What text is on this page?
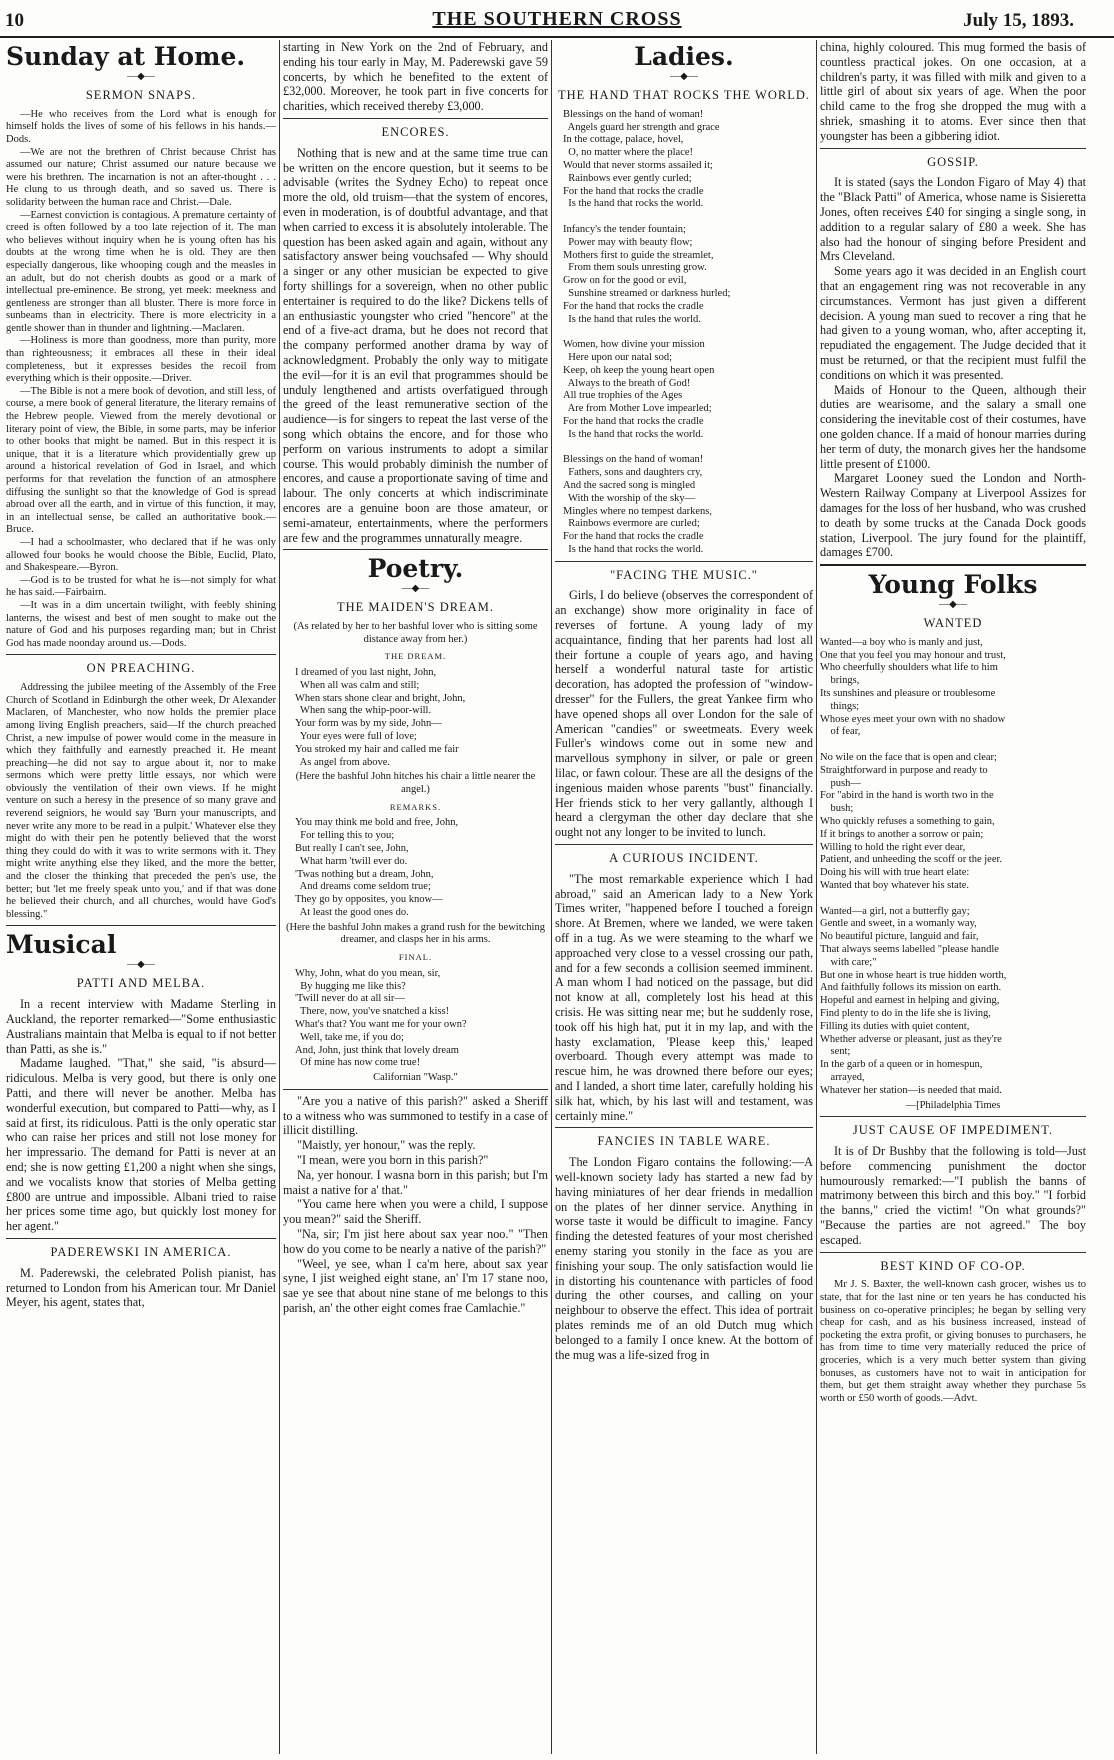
10	THE SOUTHERN CROSS	July 15, 1893.
Sunday at Home.
—◆—
SERMON SNAPS.

—He who receives from the Lord what is enough for himself holds the lives of some of his fellows in his hands.—Dods.

—We are not the brethren of Christ because Christ has assumed our nature; Christ assumed our nature because we were his brethren. The incarnation is not an after-thought . . . He clung to us through death, and so saved us. There is solidarity between the human race and Christ.—Dale.

—Earnest conviction is contagious. A premature certainty of creed is often followed by a too late rejection of it. The man who believes without inquiry when he is young often has his doubts at the wrong time when he is old. They are then especially dangerous, like whooping cough and the measles in an adult, but do not cherish doubts as good or a mark of intellectual pre-eminence. Be strong, yet meek: meekness and gentleness are stronger than all bluster. There is more force in sunbeams than in electricity. There is more electricity in a gentle shower than in thunder and lightning.—Maclaren.

—Holiness is more than goodness, more than purity, more than righteousness; it embraces all these in their ideal completeness, but it expresses besides the recoil from everything which is their opposite.—Driver.

—The Bible is not a mere book of devotion, and still less, of course, a mere book of general literature, the literary remains of the Hebrew people. Viewed from the merely devotional or literary point of view, the Bible, in some parts, may be inferior to other books that might be named. But in this respect it is unique, that it is a literature which providentially grew up around a historical revelation of God in Israel, and which performs for that revelation the function of an atmosphere diffusing the sunlight so that the knowledge of God is spread abroad over all the earth, and in virtue of this function, it may, in an intellectual sense, be called an authoritative book.—Bruce.

—I had a schoolmaster, who declared that if he was only allowed four books he would choose the Bible, Euclid, Plato, and Shakespeare.—Byron.

—God is to be trusted for what he is—not simply for what he has said.—Fairbairn.

—It was in a dim uncertain twilight, with feebly shining lanterns, the wisest and best of men sought to make out the nature of God and his purposes regarding man; but in Christ God has made noonday around us.—Dods.

ON PREACHING.

Addressing the jubilee meeting of the Assembly of the Free Church of Scotland in Edinburgh the other week, Dr Alexander Maclaren, of Manchester, who now holds the premier place among living English preachers, said—If the church preached Christ, a new impulse of power would come in the measure in which they faithfully and earnestly preached it. He meant preaching—he did not say to argue about it, nor to make sermons which were pretty little essays, nor which were obviously the ventilation of their own views. If he might venture on such a heresy in the presence of so many grave and reverend seigniors, he would say 'Burn your manuscripts, and never write any more to be read in a pulpit.' Whatever else they might do with their pen he potently believed that the worst thing they could do with it was to write sermons with it. They might write anything else they liked, and the more the better, and the closer the thinking that preceded the pen's use, the better; but 'let me freely speak unto you,' and if that was done he believed their church, and all churches, would have God's blessing."

Musical
—◆—
PATTI AND MELBA.

In a recent interview with Madame Sterling in Auckland, the reporter remarked—"Some enthusiastic Australians maintain that Melba is equal to if not better than Patti, as she is."

Madame laughed. "That," she said, "is absurd—ridiculous. Melba is very good, but there is only one Patti, and there will never be another. Melba has wonderful execution, but compared to Patti—why, as I said at first, its ridiculous. Patti is the only operatic star who can raise her prices and still not lose money for her impressario. The demand for Patti is never at an end; she is now getting £1,200 a night when she sings, and we vocalists know that stories of Melba getting £800 are untrue and impossible. Albani tried to raise her prices some time ago, but quickly lost money for her agent."

PADEREWSKI IN AMERICA.

M. Paderewski, the celebrated Polish pianist, has returned to London from his American tour. Mr Daniel Meyer, his agent, states that,

starting in New York on the 2nd of February, and ending his tour early in May, M. Paderewski gave 59 concerts, by which he benefited to the extent of £32,000. Moreover, he took part in five concerts for charities, which received thereby £3,000.

ENCORES.

Nothing that is new and at the same time true can be written on the encore question, but it seems to be advisable (writes the Sydney Echo) to repeat once more the old, old truism—that the system of encores, even in moderation, is of doubtful advantage, and that when carried to excess it is absolutely intolerable. The question has been asked again and again, without any satisfactory answer being vouchsafed — Why should a singer or any other musician be expected to give forty shillings for a sovereign, when no other public entertainer is required to do the like? Dickens tells of an enthusiastic youngster who cried "hencore" at the end of a five-act drama, but he does not record that the company performed another drama by way of acknowledgment. Probably the only way to mitigate the evil—for it is an evil that programmes should be unduly lengthened and artists overfatigued through the greed of the least remunerative section of the audience—is for singers to repeat the last verse of the song which obtains the encore, and for those who perform on various instruments to adopt a similar course. This would probably diminish the number of encores, and cause a proportionate saving of time and labour. The only concerts at which indiscriminate encores are a genuine boon are those amateur, or semi-amateur, entertainments, where the performers are few and the programmes unnaturally meagre.

Poetry.
—◆—
THE MAIDEN'S DREAM.
(As related by her to her bashful lover who is sitting some distance away from her.)
THE DREAM.
I dreamed of you last night, John,
When all was calm and still;
When stars shone clear and bright, John,
When sang the whip-poor-will.
Your form was by my side, John—
Your eyes were full of love;
You stroked my hair and called me fair
As angel from above.
(Here the bashful John hitches his chair a little nearer the angel.)
REMARKS.
You may think me bold and free, John,
For telling this to you;
But really I can't see, John,
What harm 'twill ever do.
'Twas nothing but a dream, John,
And dreams come seldom true;
They go by opposites, you know—
At least the good ones do.
(Here the bashful John makes a grand rush for the bewitching dreamer, and clasps her in his arms.
FINAL.
Why, John, what do you mean, sir,
By hugging me like this?
'Twill never do at all sir—
There, now, you've snatched a kiss!
What's that? You want me for your own?
Well, take me, if you do;
And, John, just think that lovely dream
Of mine has now come true!
Californian "Wasp."

"Are you a native of this parish?" asked a Sheriff to a witness who was summoned to testify in a case of illicit distilling.

"Maistly, yer honour," was the reply.

"I mean, were you born in this parish?"

Na, yer honour. I wasna born in this parish; but I'm maist a native for a' that."

"You came here when you were a child, I suppose you mean?" said the Sheriff.

"Na, sir; I'm jist here about sax year noo." "Then how do you come to be nearly a native of the parish?"

"Weel, ye see, whan I ca'm here, about sax year syne, I jist weighed eight stane, an' I'm 17 stane noo, sae ye see that about nine stane of me belongs to this parish, an' the other eight comes frae Camlachie."

Ladies.
—◆—
THE HAND THAT ROCKS THE WORLD.
Blessings on the hand of woman!
Angels guard her strength and grace
In the cottage, palace, hovel,
O, no matter where the place!
Would that never storms assailed it;
Rainbows ever gently curled;
For the hand that rocks the cradle
Is the hand that rocks the world.

Infancy's the tender fountain;
Power may with beauty flow;
Mothers first to guide the streamlet,
From them souls unresting grow.
Grow on for the good or evil,
Sunshine streamed or darkness hurled;
For the hand that rocks the cradle
Is the hand that rules the world.

Women, how divine your mission
Here upon our natal sod;
Keep, oh keep the young heart open
Always to the breath of God!
All true trophies of the Ages
Are from Mother Love impearled;
For the hand that rocks the cradle
Is the hand that rocks the world.

Blessings on the hand of woman!
Fathers, sons and daughters cry,
And the sacred song is mingled
With the worship of the sky—
Mingles where no tempest darkens,
Rainbows evermore are curled;
For the hand that rocks the cradle
Is the hand that rocks the world.
"FACING THE MUSIC."

Girls, I do believe (observes the correspondent of an exchange) show more originality in face of reverses of fortune. A young lady of my acquaintance, finding that her parents had lost all their fortune a couple of years ago, and having herself a wonderful natural taste for artistic decoration, has adopted the profession of "window-dresser" for the Fullers, the great Yankee firm who have opened shops all over London for the sale of American "candies" or sweetmeats. Every week Fuller's windows come out in some new and marvellous symphony in silver, or pale or green lilac, or fawn colour. These are all the designs of the ingenious maiden whose parents "bust" financially. Her friends stick to her very gallantly, although I heard a clergyman the other day declare that she ought not any longer to be invited to lunch.

A CURIOUS INCIDENT.

"The most remarkable experience which I had abroad," said an American lady to a New York Times writer, "happened before I touched a foreign shore. At Bremen, where we landed, we were taken off in a tug. As we were steaming to the wharf we approached very close to a vessel crossing our path, and for a few seconds a collision seemed imminent. A man whom I had noticed on the passage, but did not know at all, completely lost his head at this crisis. He was sitting near me; but he suddenly rose, took off his high hat, put it in my lap, and with the hasty exclamation, 'Please keep this,' leaped overboard. Though every attempt was made to rescue him, he was drowned there before our eyes; and I landed, a short time later, carefully holding his silk hat, which, by his last will and testament, was certainly mine."

FANCIES IN TABLE WARE.

The London Figaro contains the following:—A well-known society lady has started a new fad by having miniatures of her dear friends in medallion on the plates of her dinner service. Anything in worse taste it would be difficult to imagine. Fancy finding the detested features of your most cherished enemy staring you stonily in the face as you are finishing your soup. The only satisfaction would lie in distorting his countenance with particles of food during the other courses, and calling on your neighbour to observe the effect. This idea of portrait plates reminds me of an old Dutch mug which belonged to a family I once knew. At the bottom of the mug was a life-sized frog in

china, highly coloured. This mug formed the basis of countless practical jokes. On one occasion, at a children's party, it was filled with milk and given to a little girl of about six years of age. When the poor child came to the frog she dropped the mug with a shriek, smashing it to atoms. Ever since then that youngster has been a gibbering idiot.

GOSSIP.

It is stated (says the London Figaro of May 4) that the "Black Patti" of America, whose name is Sisieretta Jones, often receives £40 for singing a single song, in addition to a regular salary of £80 a week. She has also had the honour of singing before President and Mrs Cleveland.

Some years ago it was decided in an English court that an engagement ring was not recoverable in any circumstances. Vermont has just given a different decision. A young man sued to recover a ring that he had given to a young woman, who, after accepting it, repudiated the engagement. The Judge decided that it must be returned, or that the recipient must fulfil the conditions on which it was presented.

Maids of Honour to the Queen, although their duties are wearisome, and the salary a small one considering the inevitable cost of their costumes, have one golden chance. If a maid of honour marries during her term of duty, the monarch gives her the handsome little present of £1000.

Margaret Looney sued the London and North-Western Railway Company at Liverpool Assizes for damages for the loss of her husband, who was crushed to death by some trucks at the Canada Dock goods station, Liverpool. The jury found for the plaintiff, damages £700.

Young Folks
—◆—
WANTED
Wanted—a boy who is manly and just,
One that you feel you may honour and trust,
Who cheerfully shoulders what life to him
brings,
Its sunshines and pleasure or troublesome
things;
Whose eyes meet your own with no shadow
of fear,

No wile on the face that is open and clear;
Straightforward in purpose and ready to
push—
For "abird in the hand is worth two in the
bush;
Who quickly refuses a something to gain,
If it brings to another a sorrow or pain;
Willing to hold the right ever dear,
Patient, and unheeding the scoff or the jeer.
Doing his will with true heart elate:
Wanted that boy whatever his state.

Wanted—a girl, not a butterfly gay;
Gentle and sweet, in a womanly way,
No beautiful picture, languid and fair,
That always seems labelled "please handle
with care;"
But one in whose heart is true hidden worth,
And faithfully follows its mission on earth.
Hopeful and earnest in helping and giving,
Find plenty to do in the life she is living,
Filling its duties with quiet content,
Whether adverse or pleasant, just as they're
sent;
In the garb of a queen or in homespun,
arrayed,
Whatever her station—is needed that maid.
—[Philadelphia Times
JUST CAUSE OF IMPEDIMENT.

It is of Dr Bushby that the following is told—Just before commencing punishment the doctor humourously remarked:—"I publish the banns of matrimony between this birch and this boy." "I forbid the banns," cried the victim! "On what grounds?" "Because the parties are not agreed." The boy escaped.

BEST KIND OF CO-OP.

Mr J. S. Baxter, the well-known cash grocer, wishes us to state, that for the last nine or ten years he has conducted his business on co-operative principles; he began by selling very cheap for cash, and as his business increased, instead of pocketing the extra profit, or giving bonuses to purchasers, he has from time to time very materially reduced the price of groceries, which is a very much better system than giving bonuses, as customers have not to wait in anticipation for them, but get them straight away whether they purchase 5s worth or £50 worth of goods.—Advt.
